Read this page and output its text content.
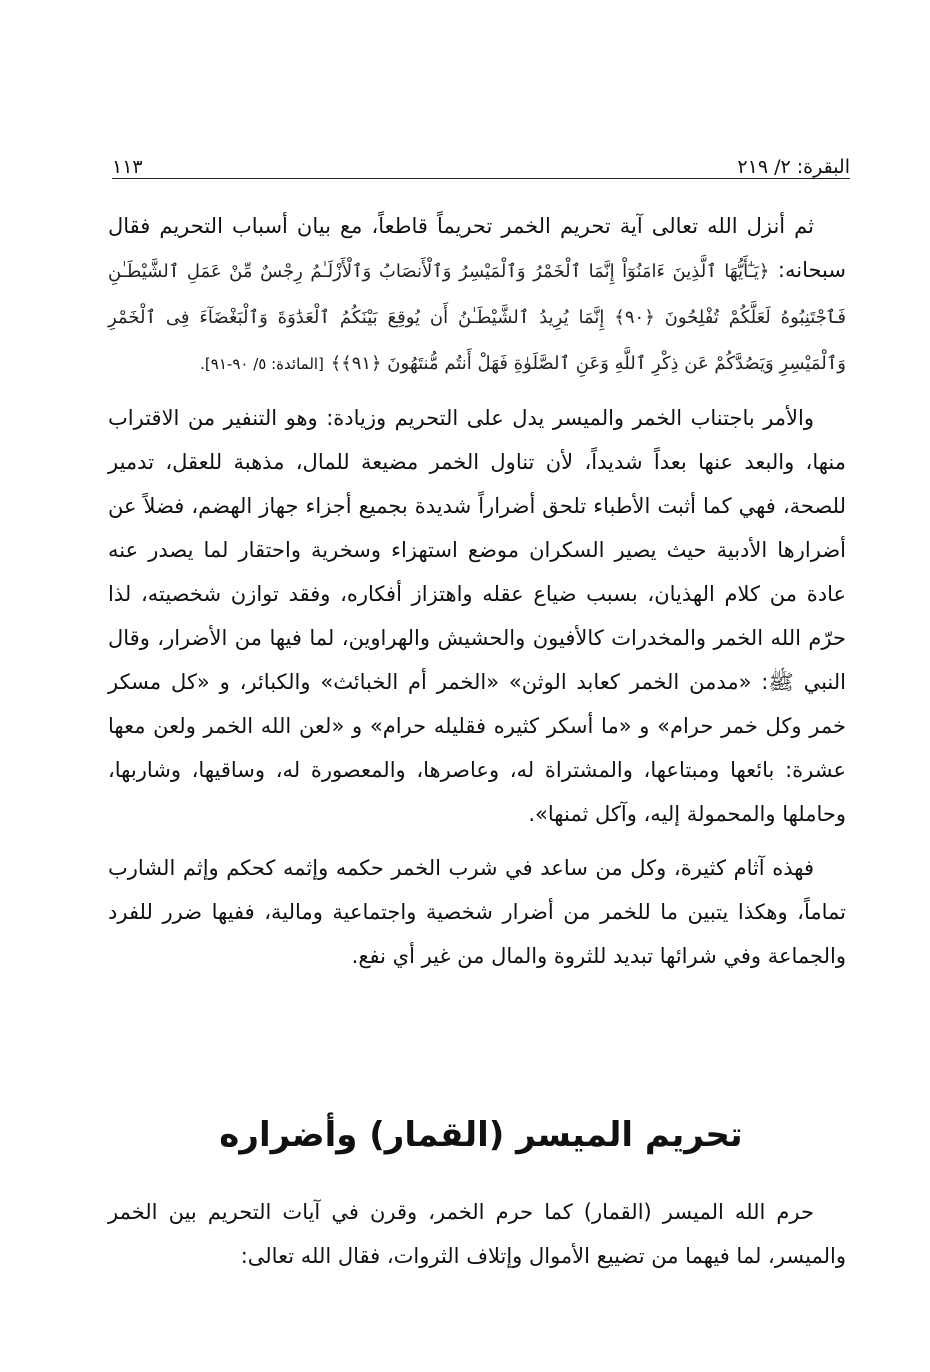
البقرة: ٢/ ٢١٩
١١٣

ثم أنزل الله تعالى آية تحريم الخمر تحريماً قاطعاً، مع بيان أسباب التحريم فقال سبحانه: ﴿يَـٰٓأَيُّهَا ٱلَّذِينَ ءَامَنُوٓاْ إِنَّمَا ٱلْخَمْرُ وَٱلْمَيْسِرُ وَٱلْأَنصَابُ وَٱلْأَزْلَـٰمُ رِجْسٌ مِّنْ عَمَلِ ٱلشَّيْطَـٰنِ فَٱجْتَنِبُوهُ لَعَلَّكُمْ تُفْلِحُونَ ﴿٩٠﴾ إِنَّمَا يُرِيدُ ٱلشَّيْطَـٰنُ أَن يُوقِعَ بَيْنَكُمُ ٱلْعَدَٰوَةَ وَٱلْبَغْضَآءَ فِى ٱلْخَمْرِ وَٱلْمَيْسِرِ وَيَصُدَّكُمْ عَن ذِكْرِ ٱللَّهِ وَعَنِ ٱلصَّلَوٰةِ فَهَلْ أَنتُم مُّنتَهُونَ ﴿٩١﴾﴾ [المائدة: ٥/ ٩٠-٩١].

والأمر باجتناب الخمر والميسر يدل على التحريم وزيادة: وهو التنفير من الاقتراب منها، والبعد عنها بعداً شديداً، لأن تناول الخمر مضيعة للمال، مذهبة للعقل، تدمير للصحة، فهي كما أثبت الأطباء تلحق أضراراً شديدة بجميع أجزاء جهاز الهضم، فضلاً عن أضرارها الأدبية حيث يصير السكران موضع استهزاء وسخرية واحتقار لما يصدر عنه عادة من كلام الهذيان، بسبب ضياع عقله واهتزاز أفكاره، وفقد توازن شخصيته، لذا حرّم الله الخمر والمخدرات كالأفيون والحشيش والهراوين، لما فيها من الأضرار، وقال النبي ﷺ: «مدمن الخمر كعابد الوثن» «الخمر أم الخبائث» والكبائر، و «كل مسكر خمر وكل خمر حرام» و «ما أسكر كثيره فقليله حرام» و «لعن الله الخمر ولعن معها عشرة: بائعها ومبتاعها، والمشتراة له، وعاصرها، والمعصورة له، وساقيها، وشاربها، وحاملها والمحمولة إليه، وآكل ثمنها».

فهذه آثام كثيرة، وكل من ساعد في شرب الخمر حكمه وإثمه كحكم وإثم الشارب تماماً، وهكذا يتبين ما للخمر من أضرار شخصية واجتماعية ومالية، ففيها ضرر للفرد والجماعة وفي شرائها تبديد للثروة والمال من غير أي نفع.

تحريم الميسر (القمار) وأضراره

حرم الله الميسر (القمار) كما حرم الخمر، وقرن في آيات التحريم بين الخمر والميسر، لما فيهما من تضييع الأموال وإتلاف الثروات، فقال الله تعالى:
